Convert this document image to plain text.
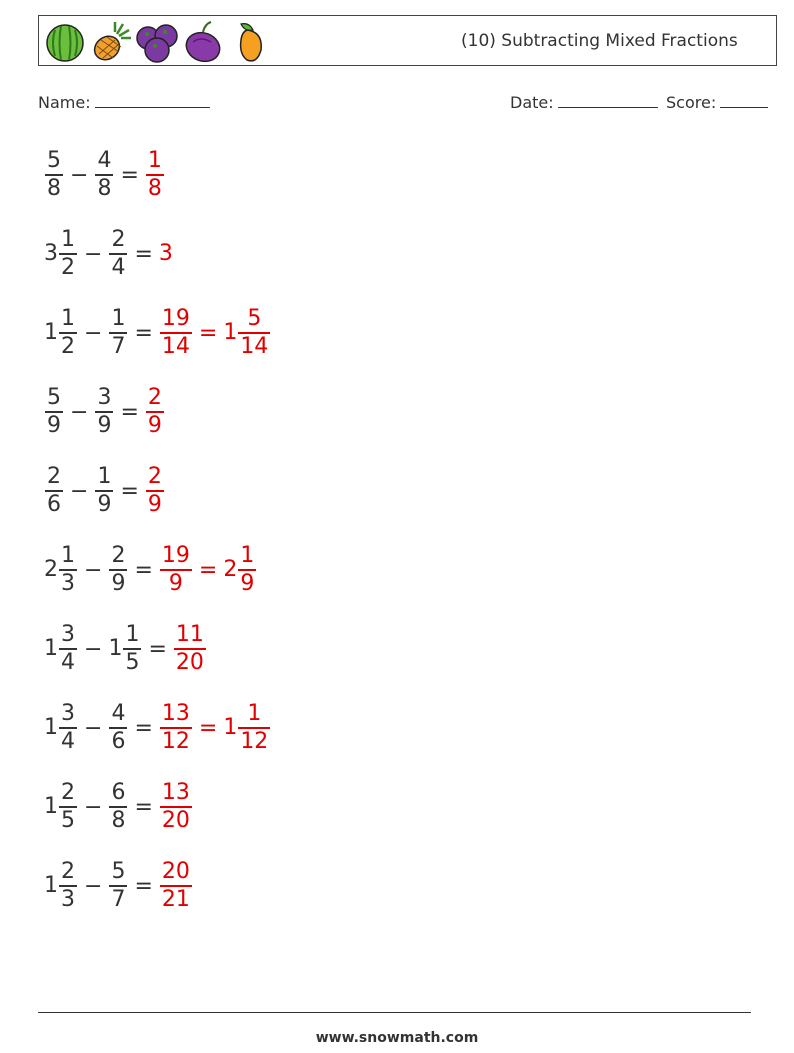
(10) Subtracting Mixed Fractions
Name:	Date:	Score:
$\frac{5}{8} - \frac{4}{8} = \frac{1}{8}$
$3 \frac{1}{2} - \frac{2}{4} = 3$
$1 \frac{1}{2} - \frac{1}{7} = \frac{19}{14} = 1 \frac{5}{14}$
$\frac{5}{9} - \frac{3}{9} = \frac{2}{9}$
$\frac{2}{6} - \frac{1}{9} = \frac{2}{9}$
$2 \frac{1}{3} - \frac{2}{9} = \frac{19}{9} = 2 \frac{1}{9}$
$1 \frac{3}{4} - 1 \frac{1}{5} = \frac{11}{20}$
$1 \frac{3}{4} - \frac{4}{6} = \frac{13}{12} = 1 \frac{1}{12}$
$1 \frac{2}{5} - \frac{6}{8} = \frac{13}{20}$
$1 \frac{2}{3} - \frac{5}{7} = \frac{20}{21}$
www.snowmath.com
